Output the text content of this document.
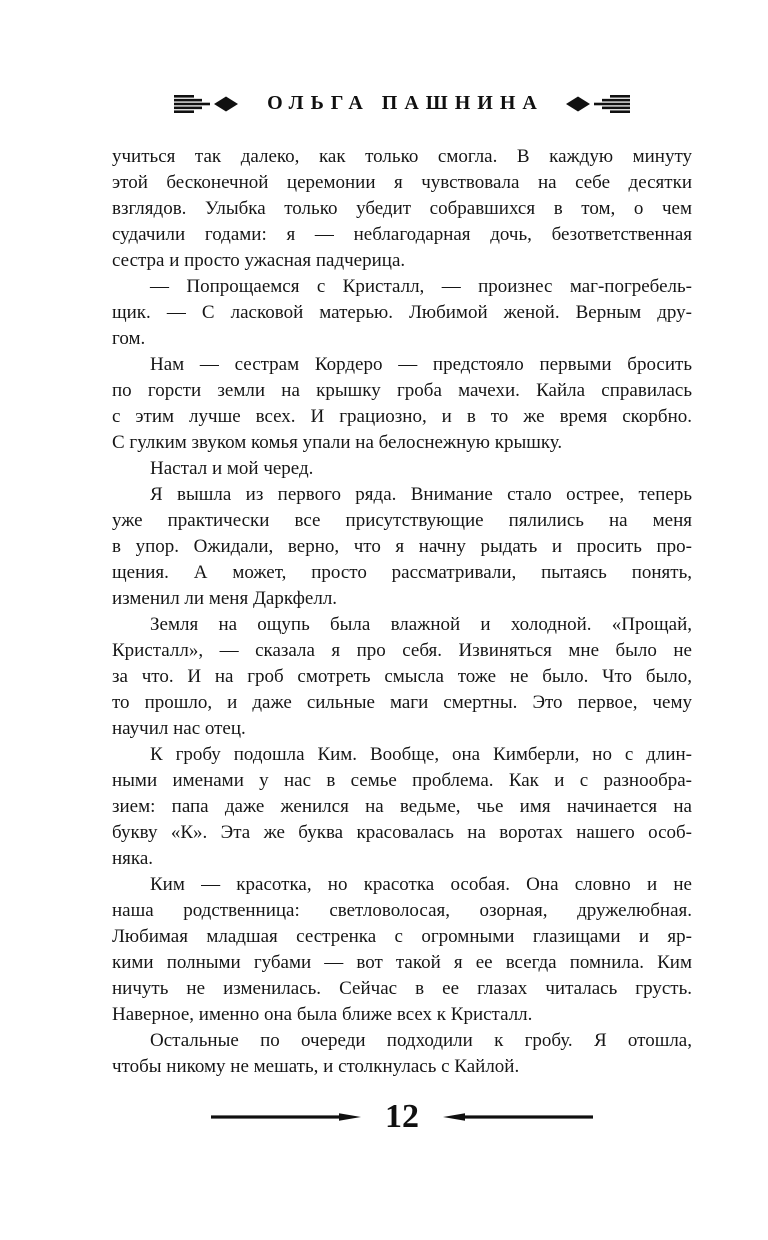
ОЛЬГА ПАШНИНА
учиться так далеко, как только смогла. В каждую минуту
этой бесконечной церемонии я чувствовала на себе десятки
взглядов. Улыбка только убедит собравшихся в том, о чем
судачили годами: я — неблагодарная дочь, безответственная
сестра и просто ужасная падчерица.
— Попрощаемся с Кристалл, — произнес маг-погребель-
щик. — С ласковой матерью. Любимой женой. Верным дру-
гом.
Нам — сестрам Кордеро — предстояло первыми бросить
по горсти земли на крышку гроба мачехи. Кайла справилась
с этим лучше всех. И грациозно, и в то же время скорбно.
С гулким звуком комья упали на белоснежную крышку.
Настал и мой черед.
Я вышла из первого ряда. Внимание стало острее, теперь
уже практически все присутствующие пялились на меня
в упор. Ожидали, верно, что я начну рыдать и просить про-
щения. А может, просто рассматривали, пытаясь понять,
изменил ли меня Даркфелл.
Земля на ощупь была влажной и холодной. «Прощай,
Кристалл», — сказала я про себя. Извиняться мне было не
за что. И на гроб смотреть смысла тоже не было. Что было,
то прошло, и даже сильные маги смертны. Это первое, чему
научил нас отец.
К гробу подошла Ким. Вообще, она Кимберли, но с длин-
ными именами у нас в семье проблема. Как и с разнообра-
зием: папа даже женился на ведьме, чье имя начинается на
букву «К». Эта же буква красовалась на воротах нашего особ-
няка.
Ким — красотка, но красотка особая. Она словно и не
наша родственница: светловолосая, озорная, дружелюбная.
Любимая младшая сестренка с огромными глазищами и яр-
кими полными губами — вот такой я ее всегда помнила. Ким
ничуть не изменилась. Сейчас в ее глазах читалась грусть.
Наверное, именно она была ближе всех к Кристалл.
Остальные по очереди подходили к гробу. Я отошла,
чтобы никому не мешать, и столкнулась с Кайлой.
12
